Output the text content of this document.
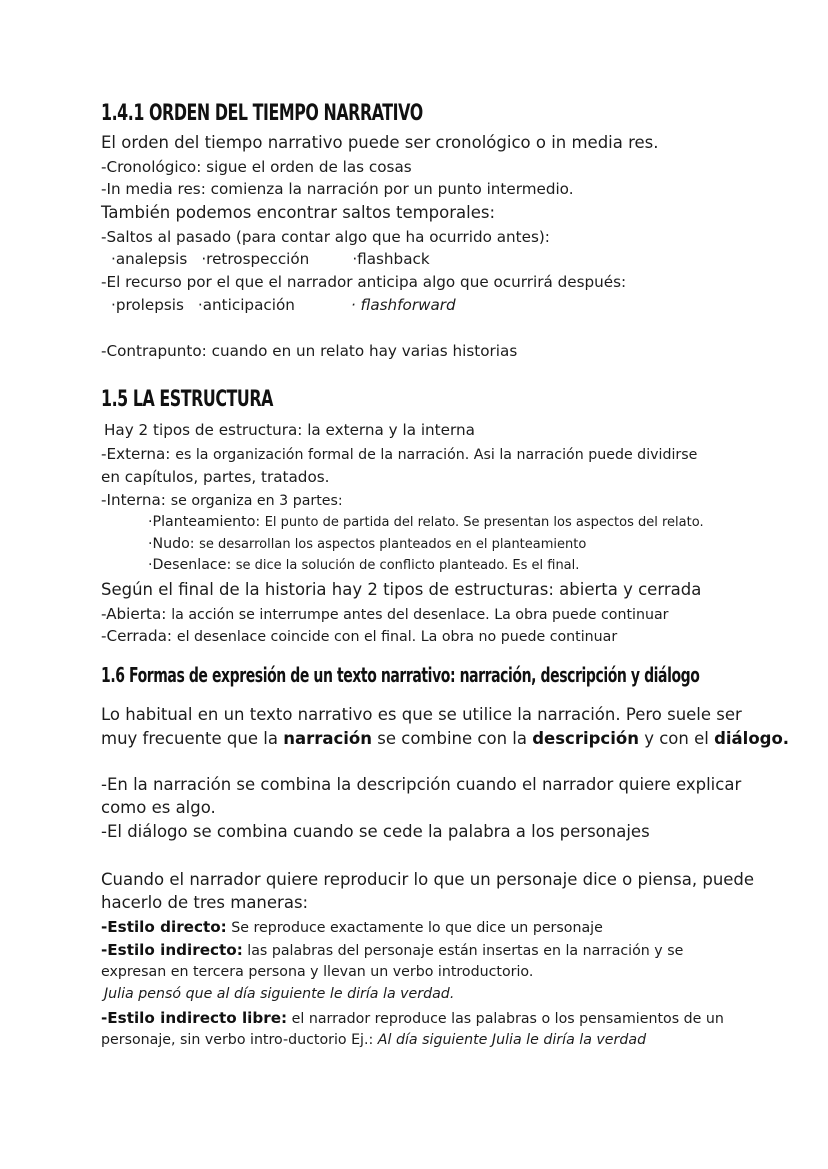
1.4.1 ORDEN DEL TIEMPO NARRATIVO

El orden del tiempo narrativo puede ser cronológico o in media res.

-Cronológico: sigue el orden de las cosas

-In media res: comienza la narración por un punto intermedio.

También podemos encontrar saltos temporales:

-Saltos al pasado (para contar algo que ha ocurrido antes):

·analepsis ·retrospección	·flashback

-El recurso por el que el narrador anticipa algo que ocurrirá después:

·prolepsis ·anticipación	· flashforward

-Contrapunto: cuando en un relato hay varias historias

1.5 LA ESTRUCTURA

Hay 2 tipos de estructura: la externa y la interna

-Externa: es la organización formal de la narración. Asi la narración puede dividirse

en capítulos, partes, tratados.

-Interna: se organiza en 3 partes:

·Planteamiento: El punto de partida del relato. Se presentan los aspectos del relato.

·Nudo: se desarrollan los aspectos planteados en el planteamiento

·Desenlace: se dice la solución de conflicto planteado. Es el final.

Según el final de la historia hay 2 tipos de estructuras: abierta y cerrada

-Abierta: la acción se interrumpe antes del desenlace. La obra puede continuar

-Cerrada: el desenlace coincide con el final. La obra no puede continuar

1.6 Formas de expresión de un texto narrativo: narración, descripción y diálogo

Lo habitual en un texto narrativo es que se utilice la narración. Pero suele ser

muy frecuente que la narración se combine con la descripción y con el diálogo.

-En la narración se combina la descripción cuando el narrador quiere explicar

como es algo.

-El diálogo se combina cuando se cede la palabra a los personajes

Cuando el narrador quiere reproducir lo que un personaje dice o piensa, puede

hacerlo de tres maneras:

-Estilo directo: Se reproduce exactamente lo que dice un personaje

-Estilo indirecto: las palabras del personaje están insertas en la narración y se

expresan en tercera persona y llevan un verbo introductorio.

Julia pensó que al día siguiente le diría la verdad.

-Estilo indirecto libre: el narrador reproduce las palabras o los pensamientos de un

personaje, sin verbo intro-ductorio Ej.: Al día siguiente Julia le diría la verdad
